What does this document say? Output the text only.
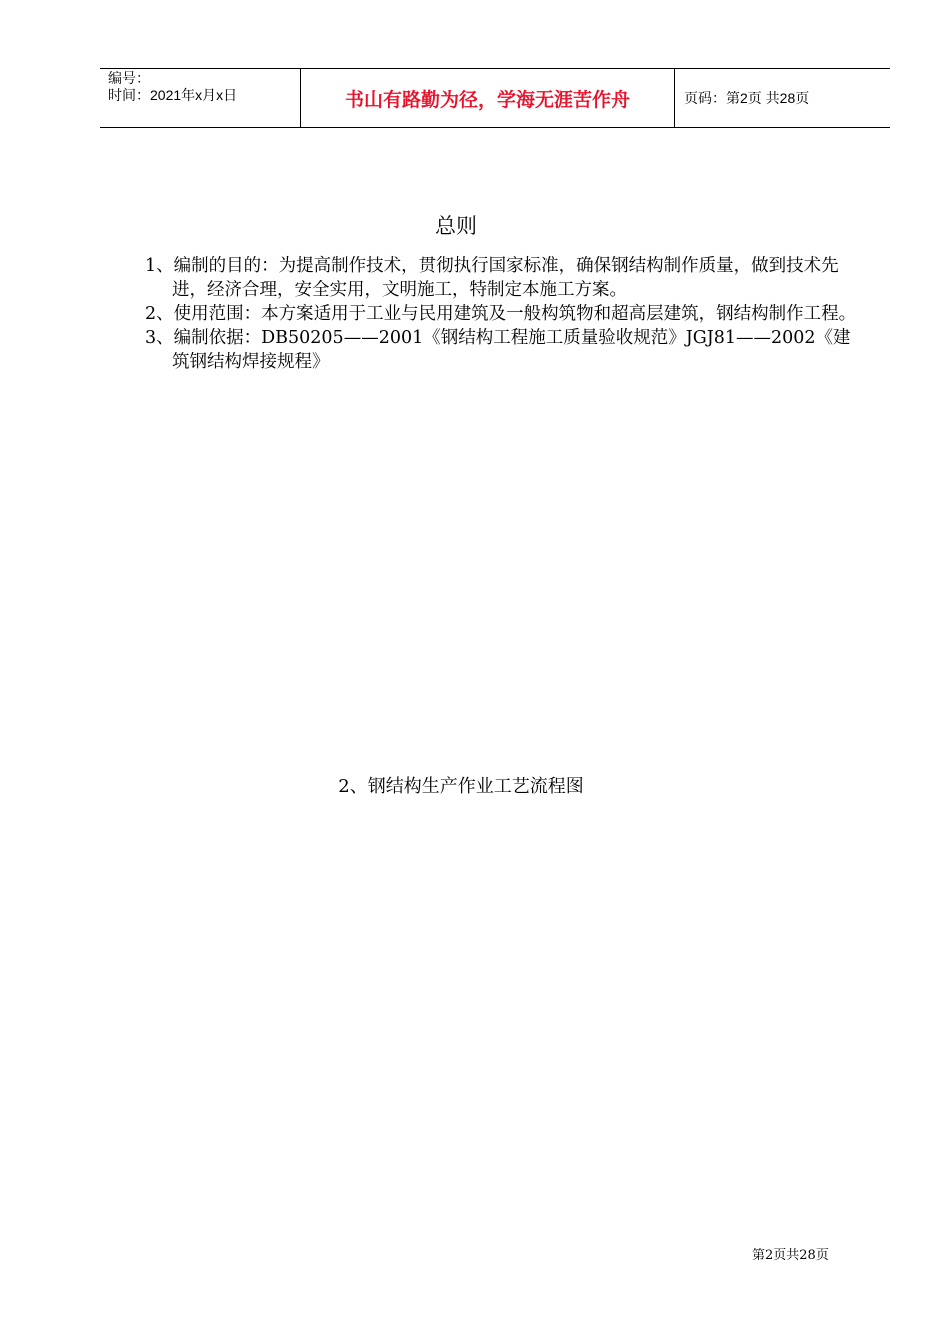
编号：
时间：2021年x月x日	书山有路勤为径，学海无涯苦作舟	页码：第2页 共28页
总则

1、编制的目的：为提高制作技术，贯彻执行国家标准，确保钢结构制作质量，做到技术先进，经济合理，安全实用，文明施工，特制定本施工方案。

2、使用范围：本方案适用于工业与民用建筑及一般构筑物和超高层建筑，钢结构制作工程。

3、编制依据：DB50205——2001《钢结构工程施工质量验收规范》JGJ81——2002《建筑钢结构焊接规程》

2、钢结构生产作业工艺流程图
第2页共28页
